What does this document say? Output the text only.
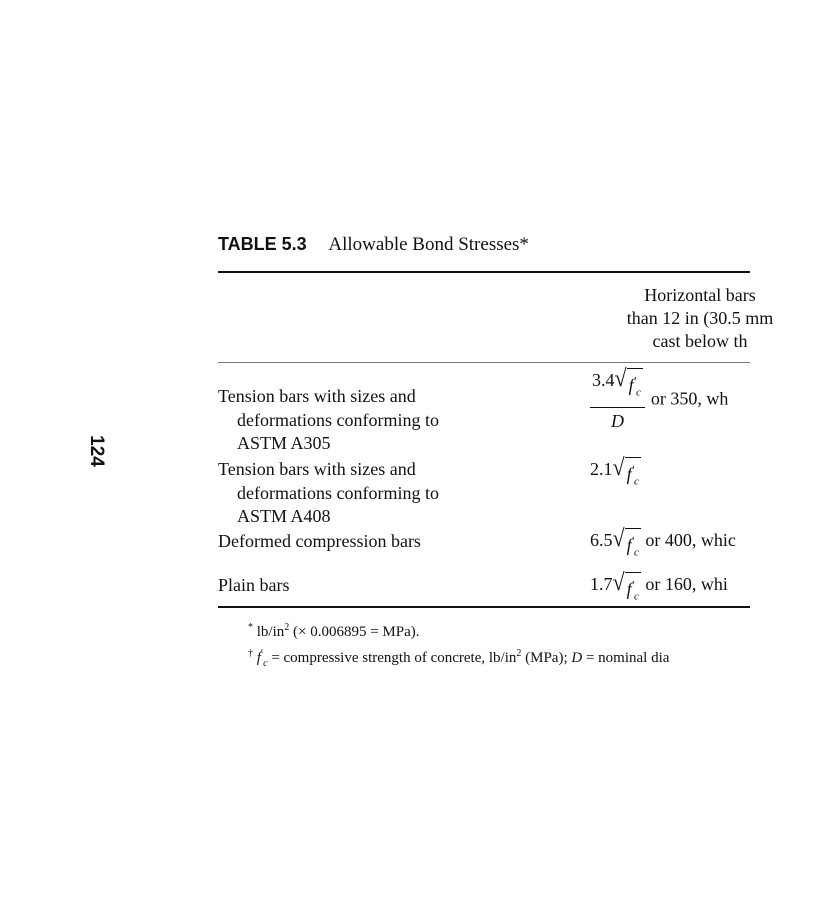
124
TABLE 5.3 Allowable Bond Stresses*
Horizontal bars
than 12 in (30.5 mm
cast below th
Tension bars with sizes and
deformations conforming to
ASTM A305
$\frac{3.4 √ f'_c}{D}$ or 350, wh
Tension bars with sizes and
deformations conforming to
ASTM A408
2.1 √ $f'_c$
Deformed compression bars	6.5 √ $f'_c$
or 400, whic
Plain bars	1.7 √ $f'_c$
or 160, whi
* $lb/in^2$ (× 0.006895 = MPa).
† $f'_c$ = compressive strength of concrete, $lb/in^2$ (MPa); D = nominal dia
